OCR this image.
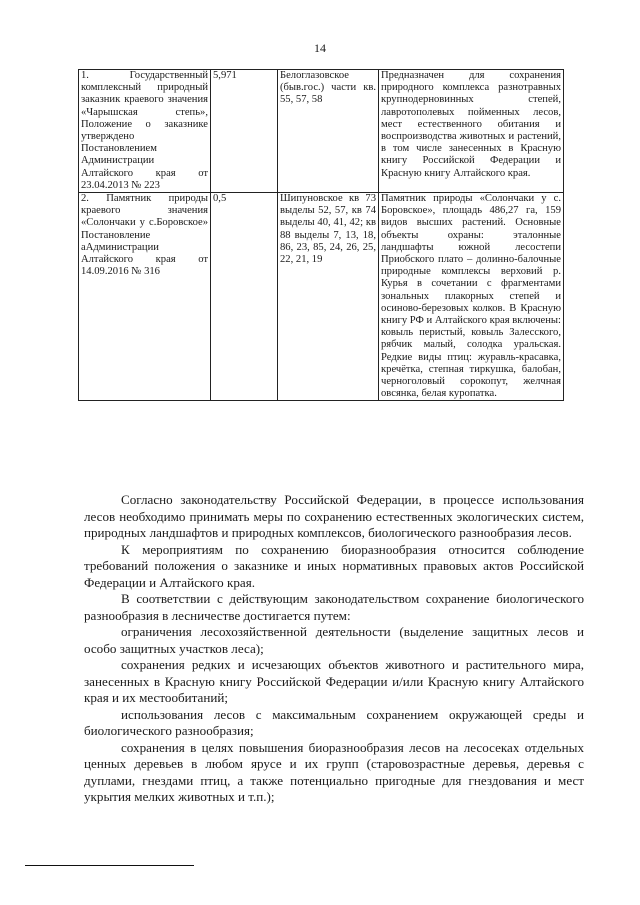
14
1. Государственный комплексный природный заказник краевого значения «Чарышская степь», Положение о заказнике утверждено Постановлением Администрации Алтайского края от 23.04.2013 № 223	5,971	Белоглазовское (быв.гос.) части кв. 55, 57, 58	Предназначен для сохранения природного комплекса разнотравных крупнодерновинных степей, лавротополевых пойменных лесов, мест естественного обитания и воспроизводства животных и растений, в том числе занесенных в Красную книгу Российской Федерации и Красную книгу Алтайского края.
2. Памятник природы краевого значения «Солончаки у с.Боровское» Постановление аАдминистрации Алтайского края от 14.09.2016 № 316	0,5	Шипуновское кв 73 выделы 52, 57, кв 74 выделы 40, 41, 42; кв 88 выделы 7, 13, 18, 86, 23, 85, 24, 26, 25, 22, 21, 19	Памятник природы «Солончаки у с. Боровское», площадь 486,27 га, 159 видов высших растений. Основные объекты охраны: эталонные ландшафты южной лесостепи Приобского плато – долинно-балочные природные комплексы верховий р. Курья в сочетании с фрагментами зональных плакорных степей и осиново-березовых колков. В Красную книгу РФ и Алтайского края включены: ковыль перистый, ковыль Залесского, рябчик малый, солодка уральская. Редкие виды птиц: журавль-красавка, кречётка, степная тиркушка, балобан, черноголовый сорокопут, желчная овсянка, белая куропатка.

Согласно законодательству Российской Федерации, в процессе использования лесов необходимо принимать меры по сохранению естественных экологических систем, природных ландшафтов и природных комплексов, биологического разнообразия лесов.

К мероприятиям по сохранению биоразнообразия относится соблюдение требований положения о заказнике и иных нормативных правовых актов Российской Федерации и Алтайского края.

В соответствии с действующим законодательством сохранение биологического разнообразия в лесничестве достигается путем:

ограничения лесохозяйственной деятельности (выделение защитных лесов и особо защитных участков леса);

сохранения редких и исчезающих объектов животного и растительного мира, занесенных в Красную книгу Российской Федерации и/или Красную книгу Алтайского края и их местообитаний;

использования лесов с максимальным сохранением окружающей среды и биологического разнообразия;

сохранения в целях повышения биоразнообразия лесов на лесосеках отдельных ценных деревьев в любом ярусе и их групп (старовозрастные деревья, деревья с дуплами, гнездами птиц, а также потенциально пригодные для гнездования и мест укрытия мелких животных и т.п.);
